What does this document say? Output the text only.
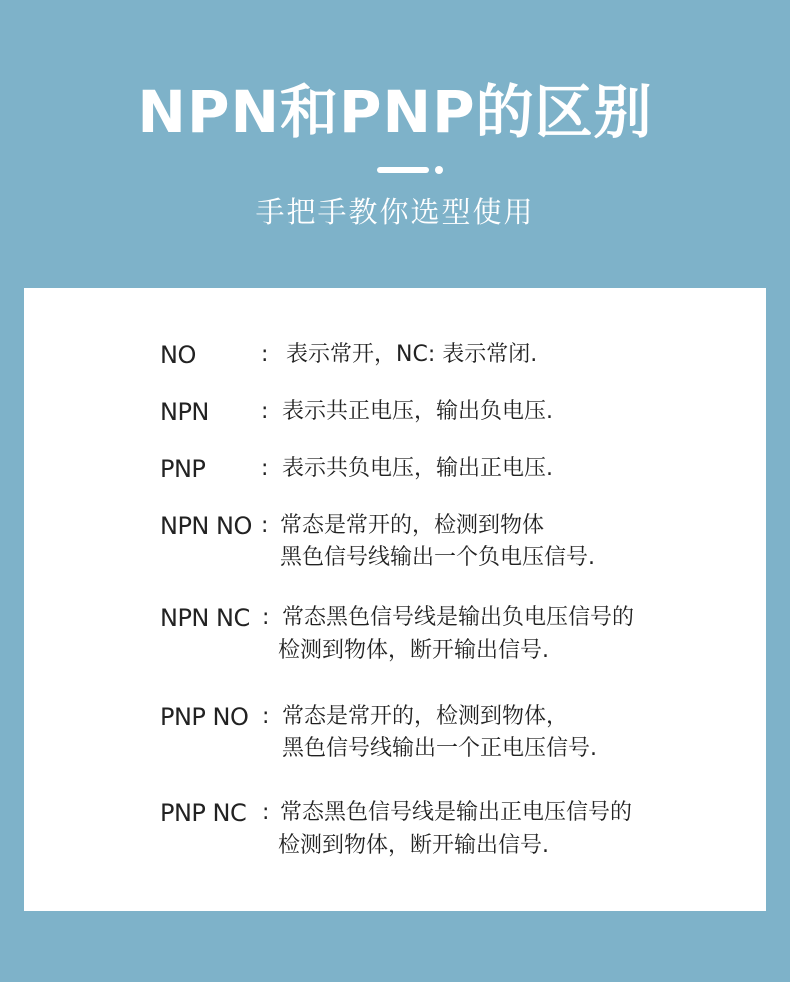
NPN和PNP的区别
手把手教你选型使用
NO	: 表示常开，NC: 表示常闭.
NPN : 表示共正电压，输出负电压.
PNP	: 表示共负电压，输出正电压.
NPN NO : 常态是常开的，检测到物体
黑色信号线输出一个负电压信号.
NPN NC : 常态黑色信号线是输出负电压信号的
检测到物体，断开输出信号.
PNP NO : 常态是常开的，检测到物体，
黑色信号线输出一个正电压信号.
PNP NC : 常态黑色信号线是输出正电压信号的
检测到物体，断开输出信号.
